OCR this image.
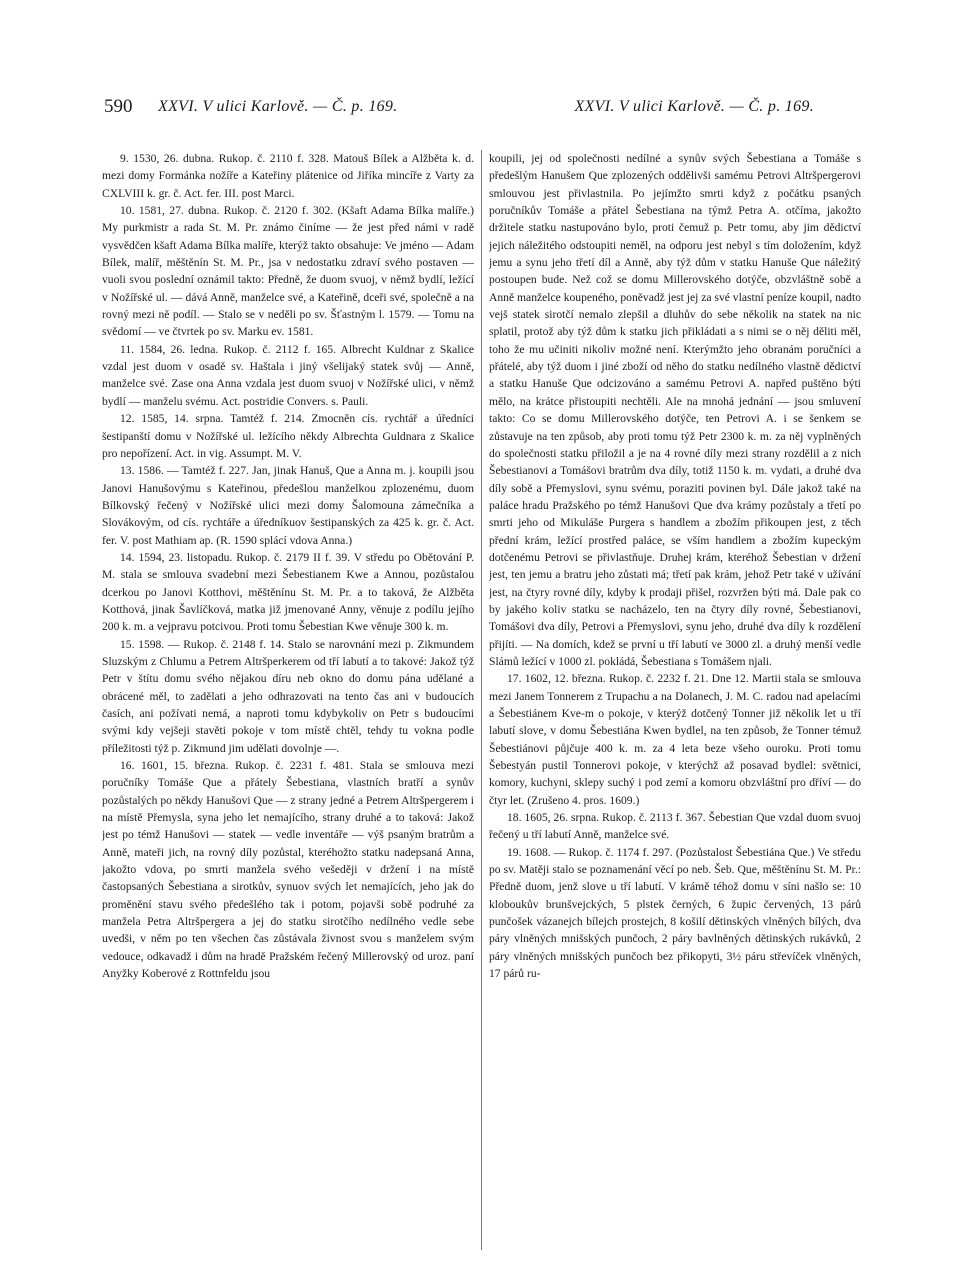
590 XXVI. V ulici Karlově. — Č. p. 169.	XXVI. V ulici Karlově. — Č. p. 169.

9. 1530, 26. dubna. Rukop. č. 2110 f. 328. Matouš Bílek a Alžběta k. d. mezi domy Formánka nožíře a Kateřiny plátenice od Jiříka mincíře z Varty za CXLVIII k. gr. č. Act. fer. III. post Marci.

10. 1581, 27. dubna. Rukop. č. 2120 f. 302. (Kšaft Adama Bílka malíře.) My purkmistr a rada St. M. Pr. známo činíme — že jest před námi v radě vysvědčen kšaft Adama Bílka malíře, kterýž takto obsahuje: Ve jméno — Adam Bílek, malíř, měštěnín St. M. Pr., jsa v nedostatku zdraví svého postaven — vuoli svou poslední oznámil takto: Předně, že duom svuoj, v němž bydlí, ležící v Nožířské ul. — dává Anně, manželce své, a Kateřině, dceři své, společně a na rovný mezi ně podíl. — Stalo se v neděli po sv. Šťastným l. 1579. — Tomu na svědomí — ve čtvrtek po sv. Marku ev. 1581.

11. 1584, 26. ledna. Rukop. č. 2112 f. 165. Albrecht Kuldnar z Skalice vzdal jest duom v osadě sv. Haštala i jiný všelijaký statek svůj — Anně, manželce své. Zase ona Anna vzdala jest duom svuoj v Nožířské ulici, v němž bydlí — manželu svému. Act. postridie Convers. s. Pauli.

12. 1585, 14. srpna. Tamtéž f. 214. Zmocněn cís. rychtář a úředníci šestipanští domu v Nožířské ul. ležícího někdy Albrechta Guldnara z Skalice pro nepořízení. Act. in vig. Assumpt. M. V.

13. 1586. — Tamtéž f. 227. Jan, jinak Hanuš, Que a Anna m. j. koupili jsou Janovi Hanušovýmu s Kateřinou, předešlou manželkou zplozenému, duom Bílkovský řečený v Nožířské ulici mezi domy Šalomouna zámečníka a Slovákovým, od cís. rychtáře a úředníkuov šestipanských za 425 k. gr. č. Act. fer. V. post Mathiam ap. (R. 1590 splácí vdova Anna.)

14. 1594, 23. listopadu. Rukop. č. 2179 II f. 39. V středu po Obětování P. M. stala se smlouva svadební mezi Šebestianem Kwe a Annou, pozůstalou dcerkou po Janovi Kotthovi, měštěnínu St. M. Pr. a to taková, že Alžběta Kotthová, jinak Šavlíčková, matka již jmenované Anny, věnuje z podílu jejího 200 k. m. a vejpravu potcivou. Proti tomu Šebestian Kwe věnuje 300 k. m.

15. 1598. — Rukop. č. 2148 f. 14. Stalo se narovnání mezi p. Zikmundem Sluzským z Chlumu a Petrem Altršperkerem od tří labutí a to takové: Jakož týž Petr v štítu domu svého nějakou díru neb okno do domu pána udělané a obrácené měl, to zadělati a jeho odhrazovati na tento čas ani v budoucích časích, ani požívati nemá, a naproti tomu kdybykoliv on Petr s budoucími svými kdy vejšeji stavěti pokoje v tom místě chtěl, tehdy tu vokna podle příležitosti týž p. Zikmund jim udělati dovolnje —.

16. 1601, 15. března. Rukop. č. 2231 f. 481. Stala se smlouva mezi poručníky Tomáše Que a přátely Šebestiana, vlastních bratří a synův pozůstalých po někdy Hanušovi Que — z strany jedné a Petrem Altršpergerem i na místě Přemysla, syna jeho let nemajícího, strany druhé a to taková: Jakož jest po témž Hanušovi — statek — vedle inventáře — výš psaným bratrům a Anně, mateři jich, na rovný díly pozůstal, kteréhožto statku nadepsaná Anna, jakožto vdova, po smrti manžela svého vešeději v držení i na místě častopsaných Šebestiana a sirotkův, synuov svých let nemajících, jeho jak do proměnění stavu svého předešlého tak i potom, pojavši sobě podruhé za manžela Petra Altršpergera a jej do statku sirotčího nedílného vedle sebe uvedši, v něm po ten všechen čas zůstávala živnost svou s manželem svým vedouce, odkavadž i dům na hradě Pražském řečený Millerovský od uroz. paní Anyžky Koberové z Rottnfeldu jsou

koupili, jej od společnosti nedílné a synův svých Šebestiana a Tomáše s předešlým Hanušem Que zplozených oddělivši samému Petrovi Altršpergerovi smlouvou jest přivlastnila. Po jejímžto smrti když z počátku psaných poručníkův Tomáše a přátel Šebestiana na týmž Petra A. otčíma, jakožto držitele statku nastupováno bylo, proti čemuž p. Petr tomu, aby jim dědictví jejich náležitého odstoupiti neměl, na odporu jest nebyl s tím doložením, když jemu a synu jeho třetí díl a Anně, aby týž dům v statku Hanuše Que náležitý postoupen bude. Než což se domu Millerovského dotýče, obzvláštně sobě a Anně manželce koupeného, poněvadž jest jej za své vlastní peníze koupil, nadto vejš statek sirotčí nemalo zlepšil a dluhův do sebe několik na statek na nic splatil, protož aby týž dům k statku jich přikládati a s nimi se o něj děliti měl, toho že mu učiniti nikoliv možné není. Kterýmžto jeho obranám poručníci a přátelé, aby týž duom i jiné zboží od něho do statku nedílného vlastně dědictví a statku Hanuše Que odcizováno a samému Petrovi A. napřed puštěno býti mělo, na krátce přistoupiti nechtěli. Ale na mnohá jednání — jsou smluvení takto: Co se domu Millerovského dotýče, ten Petrovi A. i se šenkem se zůstavuje na ten způsob, aby proti tomu týž Petr 2300 k. m. za něj vyplněných do společnosti statku přiložil a je na 4 rovné díly mezi strany rozdělil a z nich Šebestianovi a Tomášovi bratrům dva díly, totiž 1150 k. m. vydati, a druhé dva díly sobě a Přemyslovi, synu svému, poraziti povinen byl. Dále jakož také na paláce hradu Pražského po témž Hanušovi Que dva krámy pozůstaly a třetí po smrti jeho od Mikuláše Purgera s handlem a zbožím přikoupen jest, z těch přední krám, ležící prostřed paláce, se vším handlem a zbožím kupeckým dotčenému Petrovi se přivlastňuje. Druhej krám, kteréhož Šebestian v držení jest, ten jemu a bratru jeho zůstati má; třetí pak krám, jehož Petr také v užívání jest, na čtyry rovné díly, kdyby k prodaji přišel, rozvržen býti má. Dale pak co by jakého koliv statku se nacházelo, ten na čtyry díly rovné, Šebestianovi, Tomášovi dva díly, Petrovi a Přemyslovi, synu jeho, druhé dva díly k rozdělení přijíti. — Na domích, kdež se první u tří labutí ve 3000 zl. a druhý menší vedle Slámů ležící v 1000 zl. pokládá, Šebestiana s Tomášem njali.

17. 1602, 12. března. Rukop. č. 2232 f. 21. Dne 12. Martii stala se smlouva mezi Janem Tonnerem z Trupachu a na Dolanech, J. M. C. radou nad apelacími a Šebestiánem Kve-m o pokoje, v kterýž dotčený Tonner již několik let u tří labutí slove, v domu Šebestiána Kwen bydlel, na ten způsob, že Tonner témuž Šebestiánovi půjčuje 400 k. m. za 4 leta beze všeho ouroku. Proti tomu Šebestyán pustil Tonnerovi pokoje, v kterýchž až posavad bydlel: světnici, komory, kuchyni, sklepy suchý i pod zemí a komoru obzvláštní pro dříví — do čtyr let. (Zrušeno 4. pros. 1609.)

18. 1605, 26. srpna. Rukop. č. 2113 f. 367. Šebestian Que vzdal duom svuoj řečený u tří labutí Anně, manželce své.

19. 1608. — Rukop. č. 1174 f. 297. (Pozůstalost Šebestiána Que.) Ve středu po sv. Matěji stalo se poznamenání věcí po neb. Šeb. Que, měštěnínu St. M. Pr.: Předně duom, jenž slove u tří labutí. V krámě téhož domu v síni našlo se: 10 kloboukův brunšvejckých, 5 plstek černých, 6 župic červených, 13 párů punčošek vázanejch bílejch prostejch, 8 košilí dětinských vlněných bílých, dva páry vlněných mnišských punčoch, 2 páry bavlněných dětinských rukávků, 2 páry vlněných mnišských punčoch bez přikopyti, 3½ páru střevíček vlněných, 17 párů ru-
